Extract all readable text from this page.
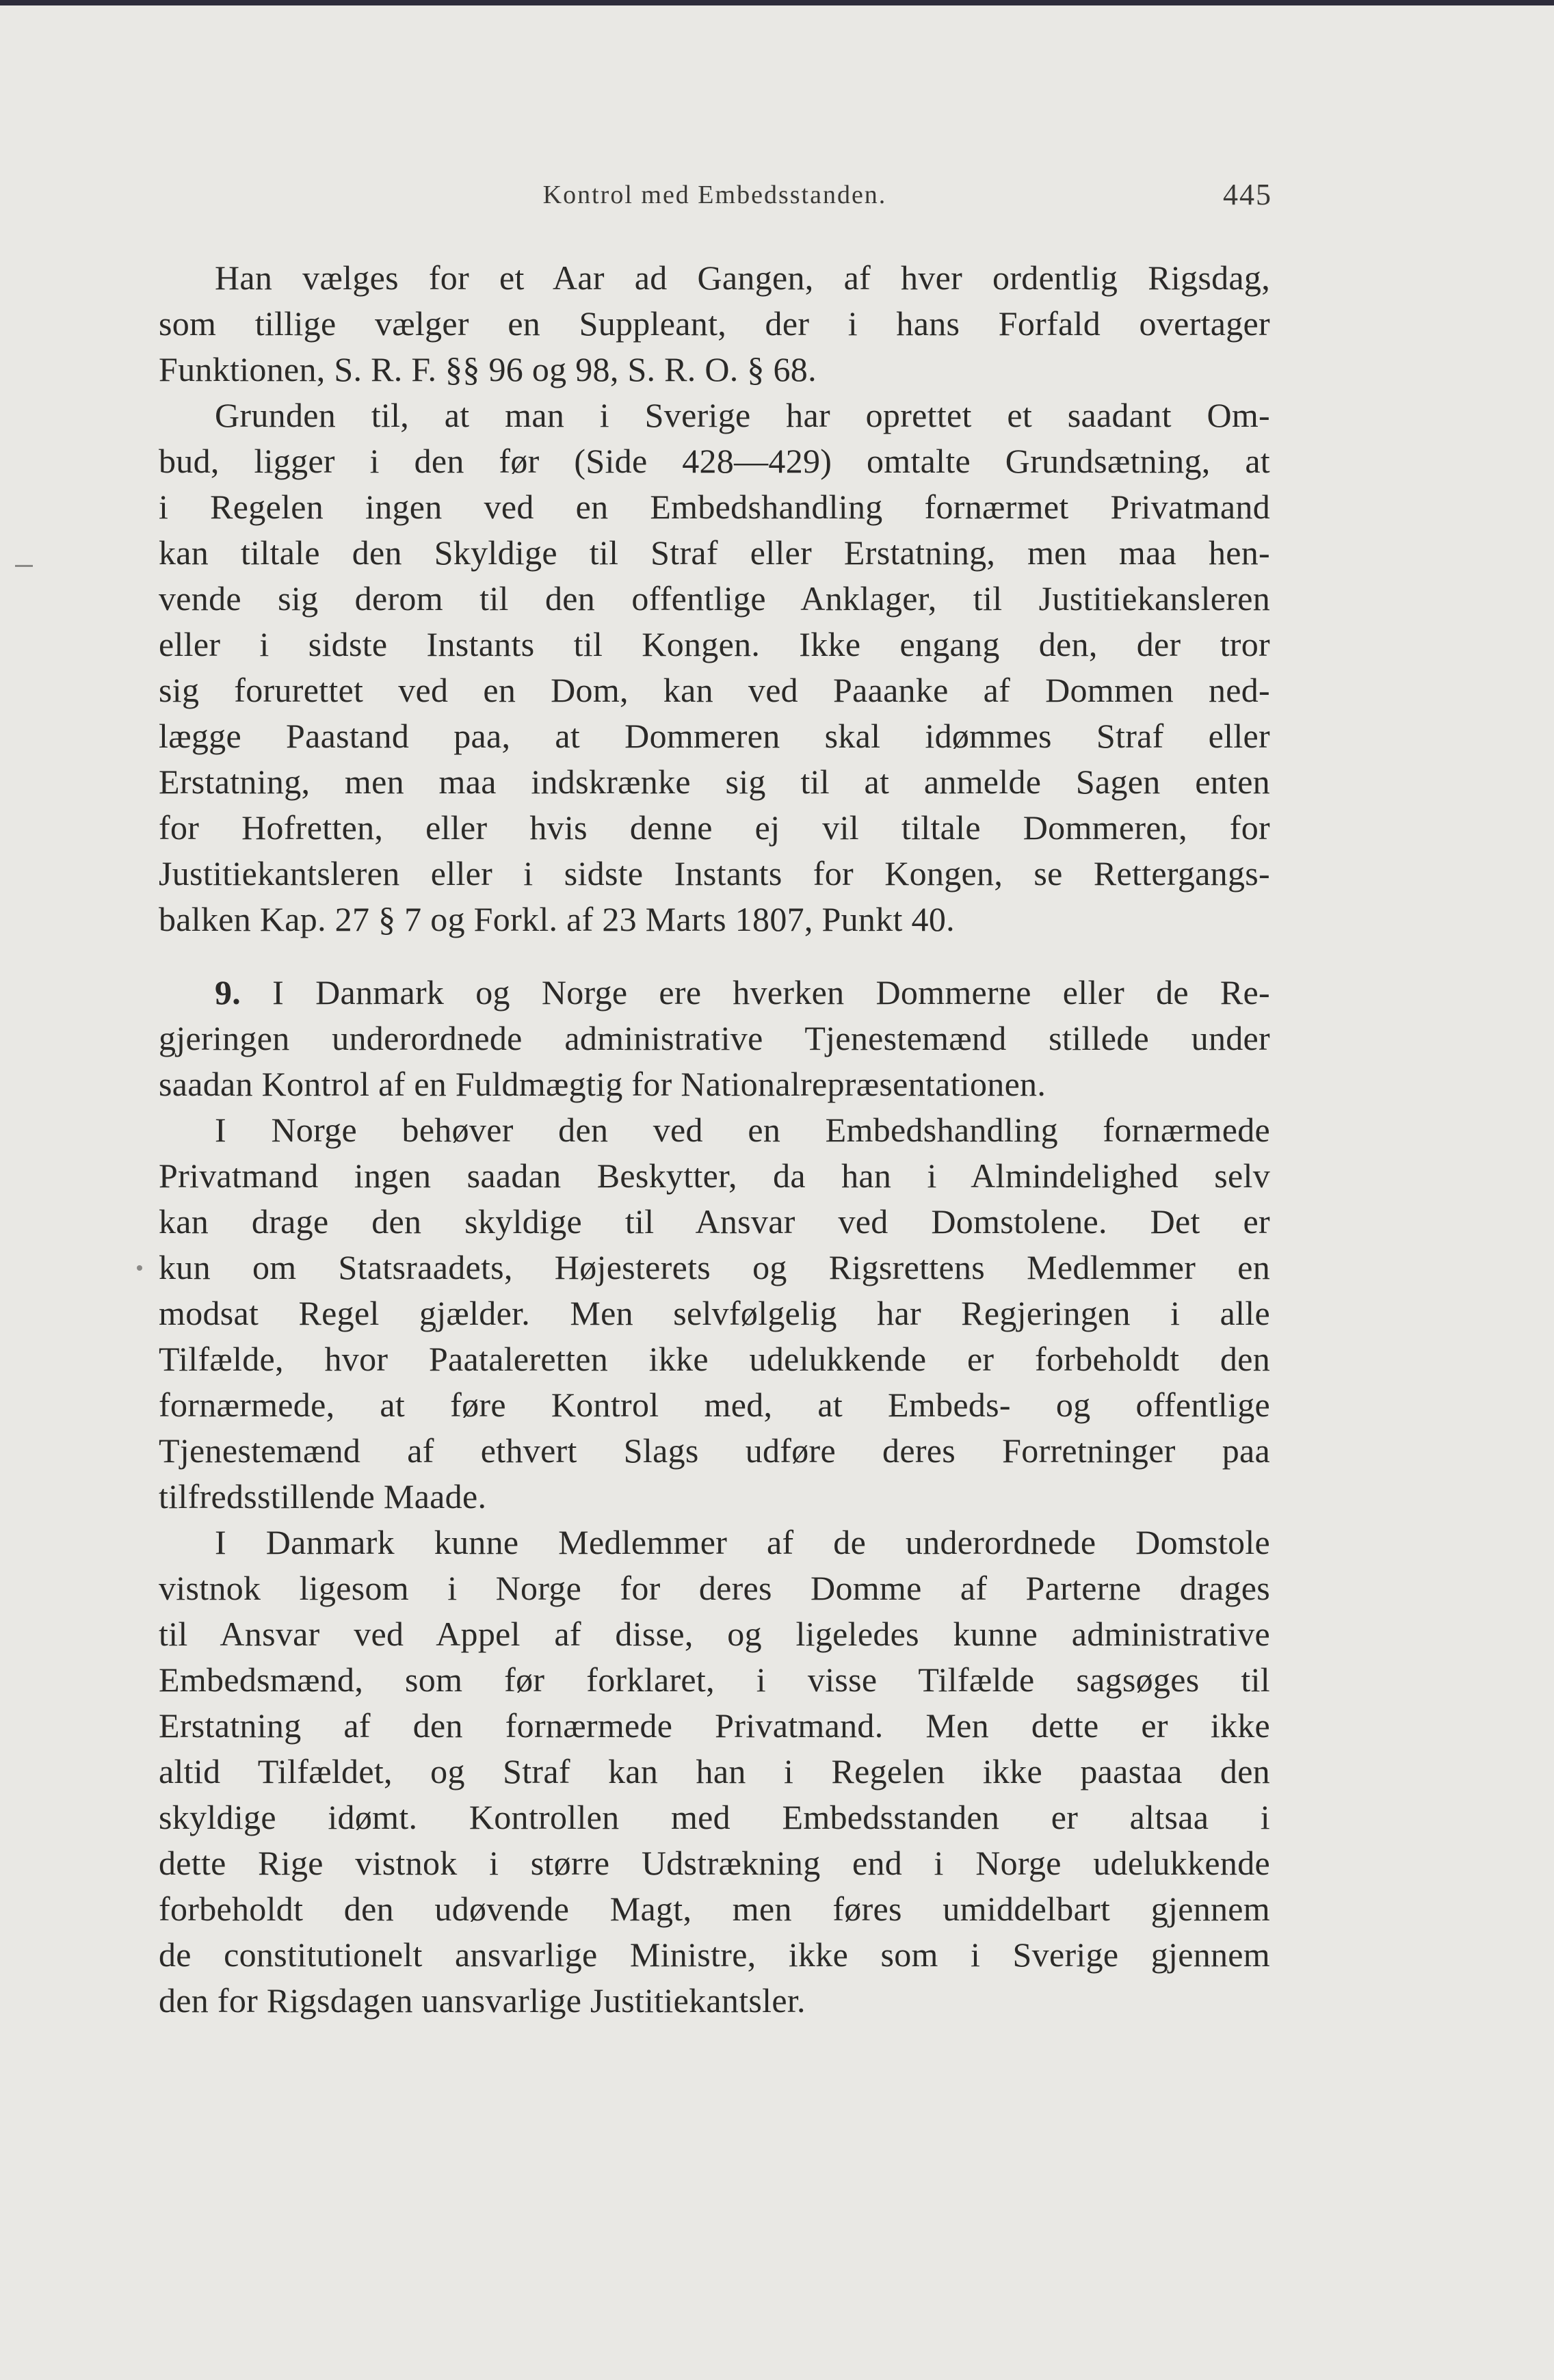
Kontrol med Embedsstanden.	445
Han vælges for et Aar ad Gangen, af hver ordentlig Rigsdag,
som tillige vælger en Suppleant, der i hans Forfald overtager
Funktionen, S. R. F. §§ 96 og 98, S. R. O. § 68.
Grunden til, at man i Sverige har oprettet et saadant Om-
bud, ligger i den før (Side 428—429) omtalte Grundsætning, at
i Regelen ingen ved en Embedshandling fornærmet Privatmand
kan tiltale den Skyldige til Straf eller Erstatning, men maa hen-
vende sig derom til den offentlige Anklager, til Justitiekansleren
eller i sidste Instants til Kongen. Ikke engang den, der tror
sig forurettet ved en Dom, kan ved Paaanke af Dommen ned-
lægge Paastand paa, at Dommeren skal idømmes Straf eller
Erstatning, men maa indskrænke sig til at anmelde Sagen enten
for Hofretten, eller hvis denne ej vil tiltale Dommeren, for
Justitiekantsleren eller i sidste Instants for Kongen, se Rettergangs-
balken Kap. 27 § 7 og Forkl. af 23 Marts 1807, Punkt 40.
9. I Danmark og Norge ere hverken Dommerne eller de Re-
gjeringen underordnede administrative Tjenestemænd stillede under
saadan Kontrol af en Fuldmægtig for Nationalrepræsentationen.
I Norge behøver den ved en Embedshandling fornærmede
Privatmand ingen saadan Beskytter, da han i Almindelighed selv
kan drage den skyldige til Ansvar ved Domstolene. Det er
kun om Statsraadets, Højesterets og Rigsrettens Medlemmer en
modsat Regel gjælder. Men selvfølgelig har Regjeringen i alle
Tilfælde, hvor Paataleretten ikke udelukkende er forbeholdt den
fornærmede, at føre Kontrol med, at Embeds- og offentlige
Tjenestemænd af ethvert Slags udføre deres Forretninger paa
tilfredsstillende Maade.
I Danmark kunne Medlemmer af de underordnede Domstole
vistnok ligesom i Norge for deres Domme af Parterne drages
til Ansvar ved Appel af disse, og ligeledes kunne administrative
Embedsmænd, som før forklaret, i visse Tilfælde sagsøges til
Erstatning af den fornærmede Privatmand. Men dette er ikke
altid Tilfældet, og Straf kan han i Regelen ikke paastaa den
skyldige idømt. Kontrollen med Embedsstanden er altsaa i
dette Rige vistnok i større Udstrækning end i Norge udelukkende
forbeholdt den udøvende Magt, men føres umiddelbart gjennem
de constitutionelt ansvarlige Ministre, ikke som i Sverige gjennem
den for Rigsdagen uansvarlige Justitiekantsler.
